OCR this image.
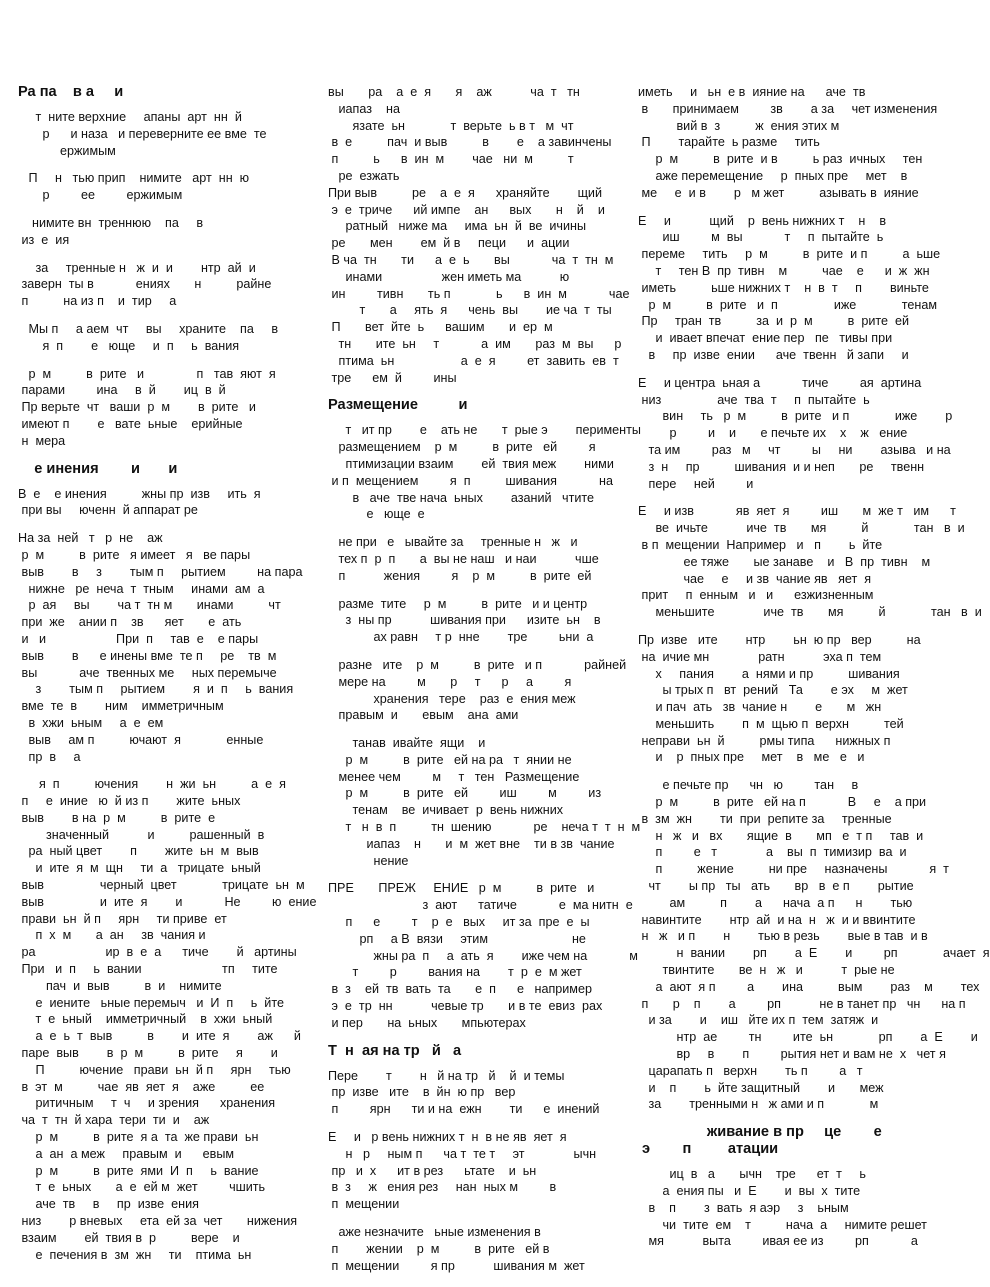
Ра па    в а     и
т  ните верхние     апаны  арт  нн  й
р      и наза   и переверните ее вме  те
ержимым
П     н   тью прип    нимите   арт  нн  ю
р         ее         ержимым
нимите вн  треннюю    па     в
из  е  ия
за     тренные н   ж  и  и        нтр  ай  и
заверн  ты в            ениях       н          райне
п          на из п    и  тир     а
Мы п     а аем  чт     вы     храните    па     в
я  п        е   юще     и  п     ь  вания
р  м          в  рите   и               п   тав  яют  я
парами         ина     в  й        иц  в  й
Пр верьте  чт   ваши  р  м        в  рите   и
имеют п        е   вате  ьные    ерийные
н  мера
е инения        и       и
В  е    е инения          жны пр  изв     ить  я
при вы     юченн  й аппарат ре
На за  ней   т   р  не    аж
р  м          в  рите   я имеет   я   ве пары
выв        в     з        тым п     рытием         на пара
нижне   ре  неча  т  тным     инами  ам  а
р  ая     вы        ча т  тн м       инами          чт
при  же    ании п    зв      яет       е  ать
и   и                    При  п     тав  е    е пары
выв        в      е инены вме  те п     ре    тв  м
вы            аче  твенных ме     ных перемыче
з        тым п     рытием        я  и  п     ь  вания
вме  те  в        ним    имметричным
в  хжи  ьным     а  е  ем
выв     ам п          ючают  я             енные
пр  в     а
я  п          ючения        н  жи  ьн          а  е  я
п     е  иние   ю  й из п        жите  ьных
выв        в на  р  м          в  рите  е
значенный           и          рашенный  в
ра  ный цвет        п        жите  ьн  м  выв
и  ите  я  м  щн     ти  а   трицате  ьный
выв                черный  цвет             трицате  ьн  м
выв                и  ите  я        и            Не         ю  ение
прави  ьн  й п     ярн     ти приве  ет
п  х  м       а  ан     зв  чания и
ра                    ир  в  е  а      тиче        й   артины
При   и  п     ь  вании                       тп     тите
пач  и  выв          в  и    нимите
е  иените   ьные перемыч   и  И  п     ь  йте
т  е  ьный    имметричный    в  хжи  ьный
а  е  ь  т  выв          в        и  ите  я        аж      й
паре  выв        в  р  м          в  рите     я        и
П          ючение   прави  ьн  й п     ярн     тью
в  эт  м          чае  яв  яет  я    аже          ее
ритичным     т  ч     и зрения      хранения
ча  т  тн  й хара  тери  ти  и    аж
р  м          в  рите  я а  та  же прави  ьн
а  ан  а меж     правым  и      евым
р  м          в  рите  ями  И  п     ь  вание
т  е  ьных       а  е  ей м  жет         чшить
аче  тв     в     пр  изве  ения
низ        р вневых     ета  ей за  чет       нижения
взаим        ей  твия в  р          вере    и
е  печения в  зм  жн     ти    птима  ьн
вы       ра    а  е  я       я    аж           ча  т   тн
иапаз    на
язате  ьн             т  верьте  ь в т   м  чт
в  е          пач  и выв          в        е    а завинчены
п          ь      в  ин  м        чае   ни  м          т
ре  езжать
При выв          ре    а  е  я      храняйте        щий
э  е  триче      ий импе    ан      вых       н    й    и
ратный   ниже ма     има  ьн  й  ве  ичины
ре       мен        ем  й в     пеци      и  ации
В ча  тн       ти      а  е  ь       вы            ча  т  тн  м
инами                 жен иметь ма           ю
ин         тивн       ть п             ь      в  ин  м            чае
т       а     ять  я      чень  вы        ие ча  т  ты
П       вет  йте  ь      вашим       и  ер  м
тн       ите  ьн     т            а  им       раз  м  вы      р
птима  ьн                   а  е  я         ет  завить  ев  т
тре      ем  й         ины
Размещение          и
т   ит пр        е    ать не       т  рые э        перименты
размещением    р  м          в  рите   ей         я
птимизации взаим        ей  твия меж        ними
и п  мещением         я  п          шивания            на
в   аче  тве нача  ьных        азаний   чтите
е   юще  е
не при   е   ывайте за     тренные н   ж   и
тех п  р  п       а  вы не наш   и наи           чше
п           жения         я    р  м          в  рите  ей
разме  тите     р  м          в  рите   и и центр
з  ны пр           шивания при      изите  ьн    в
ах равн     т р  нне        тре         ьни  а
разне   ите    р  м          в  рите   и п            райней
мере на         м       р     т      р     а         я
хранения   тере    раз  е  ения меж
правым  и       евым    ана  ами
танав  ивайте  ящи    и
р  м          в  рите   ей на ра   т  янии не
менее чем         м     т   тен   Размещение
р  м          в  рите   ей         иш         м         из
тенам    ве  ичивает  р  вень нижних
т   н  в  п          тн  шению            ре    неча т  т  н  м
иапаз    н       и  м  жет вне    ти в зв  чание
нение
ПРЕ       ПРЕЖ     ЕНИЕ   р  м          в  рите   и
з  ают      татиче            е  ма нитн  е
п      е         т    р  е   вых     ит за  пре  е  ы
рп     а В  вязи     этим                        не
жны ра  п     а  ать  я        иже чем на            м
т         р         вания на        т  р  е  м жет
в  з    ей  тв  вать  та       е  п      е   например
э  е  тр  нн           чевые тр       и в те  евиз  рах
и пер       на  ьных       мпьютерах
Т  н  ая на тр   й   а
Пере        т        н   й на тр   й    й  и темы
пр  изве   ите    в  йн  ю пр   вер
п         ярн      ти и на  ежн        ти      е  инений
Е     и   р вень нижних т  н  в не яв  яет  я
н   р     ным п      ча т  те т     эт              ычн
пр   и  х      ит в рез      ьтате    и  ьн
в  з     ж   ения рез     нан  ных м         в
п  мещении
аже незначите   ьные изменения в
п        жении    р  м          в  рите   ей в
п  мещении         я пр           шивания м  жет
иметь     и   ьн  е в  ияние на      аче  тв
в       принимаем         зв        а за     чет изменения
вий в  з          ж  ения этих м
П        тарайте  ь разме     тить
р  м          в  рите  и в          ь раз  ичных     тен
аже перемещение     р  пных пре     мет    в
ме     е  и в        р   м жет          азывать в  ияние
Е     и           щий    р  вень нижних т    н    в
иш         м  вы            т     п  пытайте  ь
переме     тить     р  м          в  рите  и п          а  ьше
т     тен В  пр  тивн    м          чае    е      и  ж  жн
иметь          ьше нижних т    н  в  т     п        виньте
р  м          в  рите   и  п                иже             тенам
Пр     тран  тв          за  и  р  м          в  рите  ей
и  ивает впечат  ение пер   пе   тивы при
в     пр  изве  ении      аче  твенн   й запи     и
Е     и центра  ьная а            тиче         ая  артина
низ                аче  тва  т     п  пытайте  ь
вин     ть   р  м          в  рите   и п             иже        р
р         и    и       е печьте их    х    ж   ение
та им         раз   м     чт         ы     ни        азыва   и на
з  н     пр          шивания  и и неп       ре     твенн
пере     ней         и
Е     и изв            яв  яет  я         иш       м  же т   им      т
ве  ичьте           иче  тв       мя          й             тан   в  и
в п  мещении  Например   и   п        ь  йте
ее тяже       ые занаве    и   В  пр  тивн    м
чае     е     и зв  чание яв   яет  я
прит     п  енным   и   и      езжизненным
меньшите              иче  тв       мя          й             тан   в  и
Пр  изве   ите        нтр        ьн  ю пр   вер          на
на  ичие мн              ратн           эха п  тем
х     пания        а  нями и пр          шивания
ы трых п   вт  рений   Та        е эх     м  жет
и пач  ать   зв  чание н        е       м   жн
меньшить        п  м  щью п  верхн          тей
неправи  ьн  й          рмы типа      нижных п
и    р  пных пре     мет    в   ме   е   и
е печьте пр      чн   ю         тан     в
р  м          в  рите   ей на п            В     е    а при
в  зм  жн        ти  при  репите за     тренные
н   ж   и   вх       ящие  в       мп   е  т п     тав  и
п         е   т              а    вы  п  тимизир  ва  и
п          жение          ни пре     назначены            я  т
чт        ы пр   ты   ать       вр   в  е п        рытие
ам          п        а      нача  а п      н        тью
навинтите        нтр  ай  и на  н   ж  и и ввинтите
н   ж   и п        н        тью в резь        вые в тав  и в
н  вании        рп        а  Е        и         рп             ачает  я
твинтите       ве  н   ж   и           т  рые не
а  ают  я п         а        ина          вым        раз    м        тех
п       р    п        а         рп           не в танет пр   чн      на п
и за        и    иш   йте их п  тем  затяж  и
нтр  ае         тн         ите  ьн             рп        а  Е        и
вр     в        п         рытия нет и вам не  х   чет я
царапать п   верхн        ть п         а   т
и    п        ь  йте защитный        и       меж
за        тренными н   ж ами и п             м
живание в пр     це        е
э        п         атации
иц  в   а       ычн    тре      ет  т     ь
а  ения пы   и  Е        и  вы  х  тите
в    п        з  вать  я аэр     з    ьным
чи  тите  ем    т          нача  а     нимите решет
мя           выта         ивая ее из         рп            а
